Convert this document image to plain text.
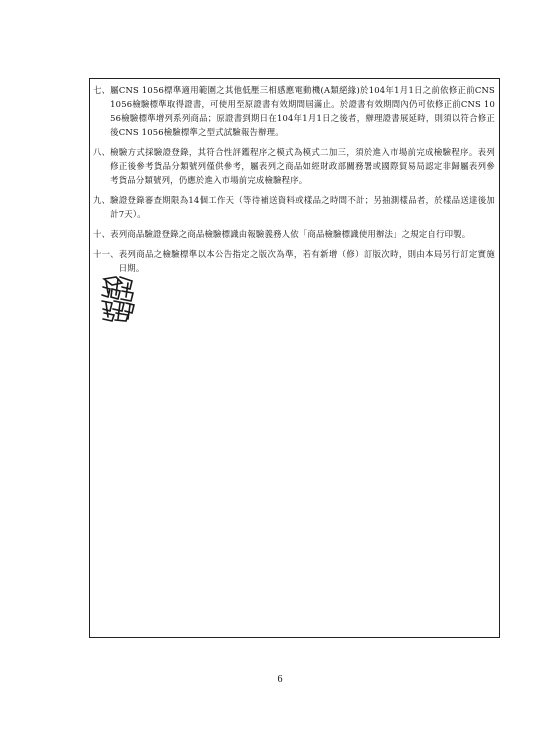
七、 屬CNS 1056標準適用範圍之其他低壓三相感應電動機(A類絕緣)於104年1月1日之前依修正前CNS 1056檢驗標準取得證書，可使用至原證書有效期間屆滿止。於證書有效期間內仍可依修正前CNS 1056檢驗標準增列系列商品；原證書到期日在104年1月1日之後者，辦理證書展延時，則須以符合修正後CNS 1056檢驗標準之型式試驗報告辦理。
八、 檢驗方式採驗證登錄，其符合性評鑑程序之模式為模式二加三，須於進入市場前完成檢驗程序。表列修正後參考貨品分類號列僅供參考，屬表列之商品如經財政部關務署或國際貿易局認定非歸屬表列參考貨品分類號列，仍應於進入市場前完成檢驗程序。
九、 驗證登錄審查期限為14個工作天（等待補送資料或樣品之時間不計；另抽測樣品者，於樣品送達後加計7天）。
十、 表列商品驗證登錄之商品檢驗標識由報驗義務人依「商品檢驗標識使用辦法」之規定自行印製。
十一、 表列商品之檢驗標準以本公告指定之版次為準，若有新增（修）訂版次時，則由本局另行訂定實施日期。
6
